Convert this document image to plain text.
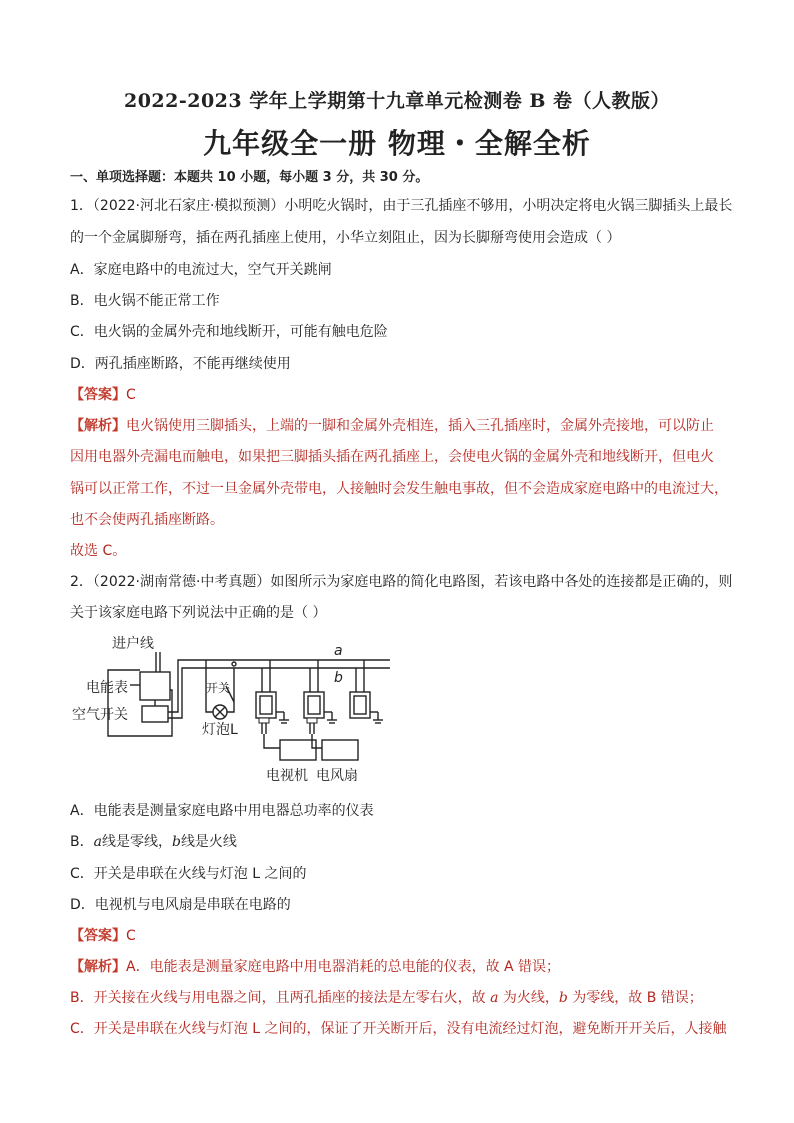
2022-2023 学年上学期第十九章单元检测卷 B 卷（人教版）
九年级全一册 物理・全解全析
一、单项选择题：本题共 10 小题，每小题 3 分，共 30 分。
1．（2022·河北石家庄·模拟预测）小明吃火锅时，由于三孔插座不够用，小明决定将电火锅三脚插头上最长
的一个金属脚掰弯，插在两孔插座上使用，小华立刻阻止，因为长脚掰弯使用会造成（ ）
A．家庭电路中的电流过大，空气开关跳闸
B．电火锅不能正常工作
C．电火锅的金属外壳和地线断开，可能有触电危险
D．两孔插座断路，不能再继续使用
【答案】C
【解析】电火锅使用三脚插头，上端的一脚和金属外壳相连，插入三孔插座时，金属外壳接地，可以防止
因用电器外壳漏电而触电，如果把三脚插头插在两孔插座上，会使电火锅的金属外壳和地线断开，但电火
锅可以正常工作，不过一旦金属外壳带电，人接触时会发生触电事故，但不会造成家庭电路中的电流过大，
也不会使两孔插座断路。
故选 C。
2．（2022·湖南常德·中考真题）如图所示为家庭电路的简化电路图，若该电路中各处的连接都是正确的，则
关于该家庭电路下列说法中正确的是（ ）
进户线
电能表
空气开关
开关
灯泡L
a
b
电视机 电风扇
A．电能表是测量家庭电路中用电器总功率的仪表
B．a线是零线，b线是火线
C．开关是串联在火线与灯泡 L 之间的
D．电视机与电风扇是串联在电路的
【答案】C
【解析】A．电能表是测量家庭电路中用电器消耗的总电能的仪表，故 A 错误；
B．开关接在火线与用电器之间，且两孔插座的接法是左零右火，故 a 为火线，b 为零线，故 B 错误；
C．开关是串联在火线与灯泡 L 之间的，保证了开关断开后，没有电流经过灯泡，避免断开开关后，人接触
